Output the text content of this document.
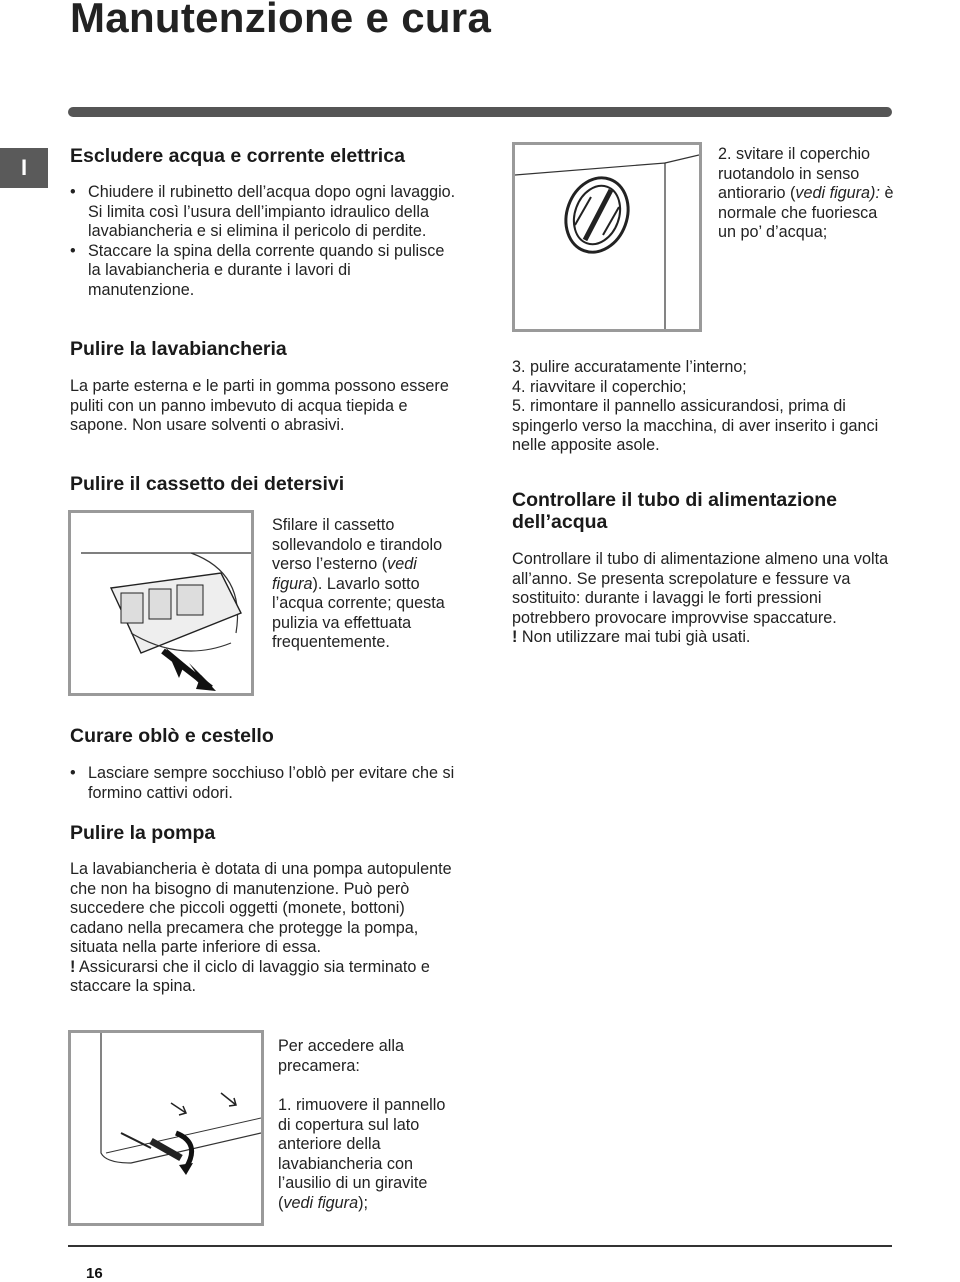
Manutenzione e cura
I	Escludere acqua e corrente elettrica
• Chiudere il rubinetto dell’acqua dopo ogni lavaggio. Si limita così l’usura dell’impianto idraulico della lavabiancheria e si elimina il pericolo di perdite.
• Staccare la spina della corrente quando si pulisce la lavabiancheria e durante i lavori di manutenzione.
Pulire la lavabiancheria

La parte esterna e le parti in gomma possono essere puliti con un panno imbevuto di acqua tiepida e sapone. Non usare solventi o abrasivi.

Pulire il cassetto dei detersivi

Sfilare il cassetto sollevandolo e tirandolo verso l’esterno (vedi figura). Lavarlo sotto l’acqua corrente; questa pulizia va effettuata frequentemente.

Curare oblò e cestello
• Lasciare sempre socchiuso l’oblò per evitare che si formino cattivi odori.
Pulire la pompa

La lavabiancheria è dotata di una pompa autopulente che non ha bisogno di manutenzione. Può però succedere che piccoli oggetti (monete, bottoni) cadano nella precamera che protegge la pompa, situata nella parte inferiore di essa.

! Assicurarsi che il ciclo di lavaggio sia terminato e staccare la spina.

Per accedere alla precamera:

1. rimuovere il pannello di copertura sul lato anteriore della lavabiancheria con l’ausilio di un giravite (vedi figura);

2. svitare il coperchio ruotandolo in senso antiorario (vedi figura): è normale che fuoriesca un po’ d’acqua;

3. pulire accuratamente l’interno;
4. riavvitare il coperchio;
5. rimontare il pannello assicurandosi, prima di spingerlo verso la macchina, di aver inserito i ganci nelle apposite asole.
Controllare il tubo di alimentazione dell’acqua

Controllare il tubo di alimentazione almeno una volta all’anno. Se presenta screpolature e fessure va sostituito: durante i lavaggi le forti pressioni potrebbero provocare improvvise spaccature.

! Non utilizzare mai tubi già usati.

16
